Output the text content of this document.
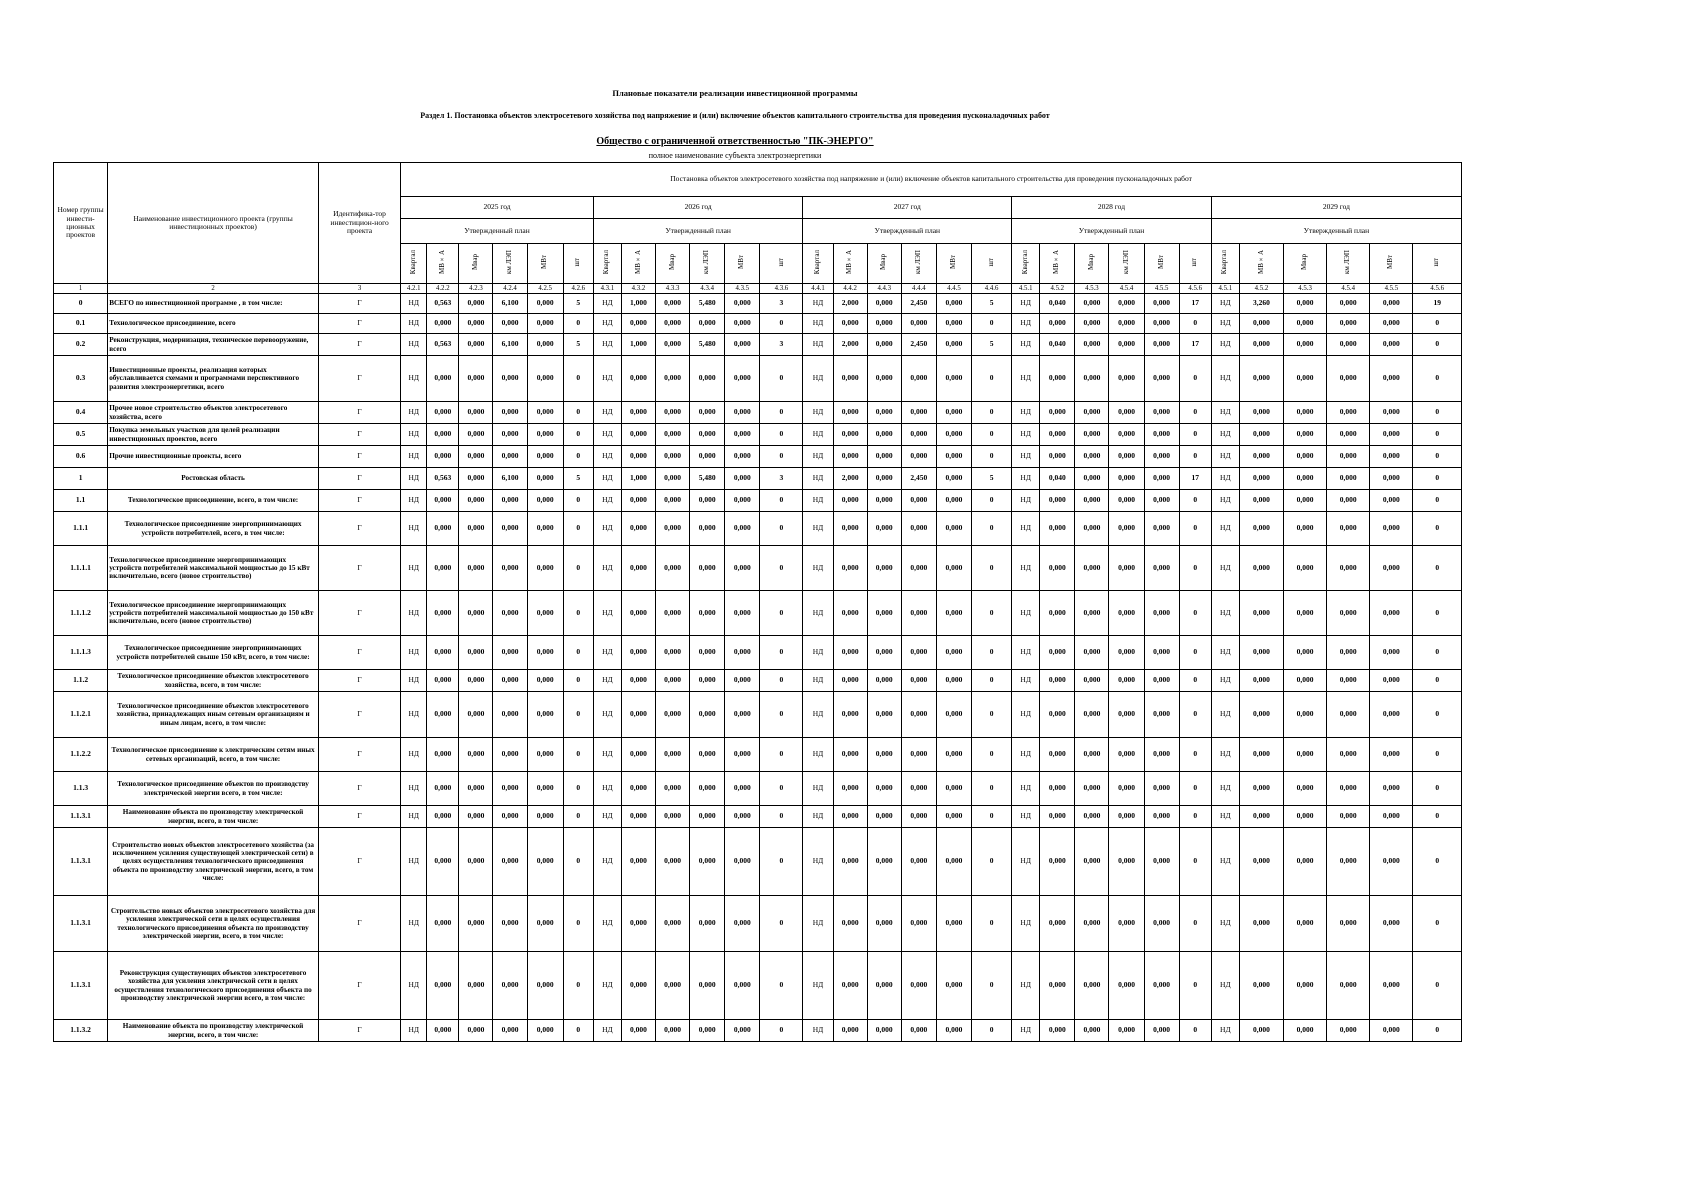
Плановые показатели реализации инвестиционной программы
Раздел 1. Постановка объектов электросетевого хозяйства под напряжение и (или) включение объектов капитального строительства для проведения пусконаладочных работ
Общество с ограниченной ответственностью "ПК-ЭНЕРГО"
полное наименование субъекта электроэнергетики
Номер группы инвести-ционных проектов	Наименование инвестиционного проекта (группы инвестиционных проектов)	Идентифика-тор инвестицион-ного проекта	Постановка объектов электросетевого хозяйства под напряжение и (или) включение объектов капитального строительства для проведения пусконаладочных работ																													
			2025 год						2026 год						2027 год						2028 год						2029 год					
			Утвержденный план						Утвержденный план						Утвержденный план						Утвержденный план						Утвержденный план					
			Квартал	МВ×А	Мвар	км ЛЭП	МВт	шт	Квартал	МВ×А	Мвар	км ЛЭП	МВт	шт	Квартал	МВ×А	Мвар	км ЛЭП	МВт	шт	Квартал	МВ×А	Мвар	км ЛЭП	МВт	шт	Квартал	МВ×А	Мвар	км ЛЭП	МВт	шт
1	2	3	4.2.1	4.2.2	4.2.3	4.2.4	4.2.5	4.2.6	4.3.1	4.3.2	4.3.3	4.3.4	4.3.5	4.3.6	4.4.1	4.4.2	4.4.3	4.4.4	4.4.5	4.4.6	4.5.1	4.5.2	4.5.3	4.5.4	4.5.5	4.5.6	4.5.1	4.5.2	4.5.3	4.5.4	4.5.5	4.5.6
0	ВСЕГО по инвестиционной программе , в том числе:	Г	НД	0,563	0,000	6,100	0,000	5	НД	1,000	0,000	5,480	0,000	3	НД	2,000	0,000	2,450	0,000	5	НД	0,040	0,000	0,000	0,000	17	НД	3,260	0,000	0,000	0,000	19
0.1	Технологическое присоединение, всего	Г	НД	0,000	0,000	0,000	0,000	0	НД	0,000	0,000	0,000	0,000	0	НД	0,000	0,000	0,000	0,000	0	НД	0,000	0,000	0,000	0,000	0	НД	0,000	0,000	0,000	0,000	0
0.2	Реконструкция, модернизация, техническое перевооружение, всего	Г	НД	0,563	0,000	6,100	0,000	5	НД	1,000	0,000	5,480	0,000	3	НД	2,000	0,000	2,450	0,000	5	НД	0,040	0,000	0,000	0,000	17	НД	0,000	0,000	0,000	0,000	0
0.3	Инвестиционные проекты, реализация которых обуславливается схемами и программами перспективного развития электроэнергетики, всего	Г	НД	0,000	0,000	0,000	0,000	0	НД	0,000	0,000	0,000	0,000	0	НД	0,000	0,000	0,000	0,000	0	НД	0,000	0,000	0,000	0,000	0	НД	0,000	0,000	0,000	0,000	0
0.4	Прочее новое строительство объектов электросетевого хозяйства, всего	Г	НД	0,000	0,000	0,000	0,000	0	НД	0,000	0,000	0,000	0,000	0	НД	0,000	0,000	0,000	0,000	0	НД	0,000	0,000	0,000	0,000	0	НД	0,000	0,000	0,000	0,000	0
0.5	Покупка земельных участков для целей реализации инвестиционных проектов, всего	Г	НД	0,000	0,000	0,000	0,000	0	НД	0,000	0,000	0,000	0,000	0	НД	0,000	0,000	0,000	0,000	0	НД	0,000	0,000	0,000	0,000	0	НД	0,000	0,000	0,000	0,000	0
0.6	Прочие инвестиционные проекты, всего	Г	НД	0,000	0,000	0,000	0,000	0	НД	0,000	0,000	0,000	0,000	0	НД	0,000	0,000	0,000	0,000	0	НД	0,000	0,000	0,000	0,000	0	НД	0,000	0,000	0,000	0,000	0
1	Ростовская область	Г	НД	0,563	0,000	6,100	0,000	5	НД	1,000	0,000	5,480	0,000	3	НД	2,000	0,000	2,450	0,000	5	НД	0,040	0,000	0,000	0,000	17	НД	0,000	0,000	0,000	0,000	0
1.1	Технологическое присоединение, всего, в том числе:	Г	НД	0,000	0,000	0,000	0,000	0	НД	0,000	0,000	0,000	0,000	0	НД	0,000	0,000	0,000	0,000	0	НД	0,000	0,000	0,000	0,000	0	НД	0,000	0,000	0,000	0,000	0
1.1.1	Технологическое присоединение энергопринимающих устройств потребителей, всего, в том числе:	Г	НД	0,000	0,000	0,000	0,000	0	НД	0,000	0,000	0,000	0,000	0	НД	0,000	0,000	0,000	0,000	0	НД	0,000	0,000	0,000	0,000	0	НД	0,000	0,000	0,000	0,000	0
1.1.1.1	Технологическое присоединение энергопринимающих устройств потребителей максимальной мощностью до 15 кВт включительно, всего (новое строительство)	Г	НД	0,000	0,000	0,000	0,000	0	НД	0,000	0,000	0,000	0,000	0	НД	0,000	0,000	0,000	0,000	0	НД	0,000	0,000	0,000	0,000	0	НД	0,000	0,000	0,000	0,000	0
1.1.1.2	Технологическое присоединение энергопринимающих устройств потребителей максимальной мощностью до 150 кВт включительно, всего (новое строительство)	Г	НД	0,000	0,000	0,000	0,000	0	НД	0,000	0,000	0,000	0,000	0	НД	0,000	0,000	0,000	0,000	0	НД	0,000	0,000	0,000	0,000	0	НД	0,000	0,000	0,000	0,000	0
1.1.1.3	Технологическое присоединение энергопринимающих устройств потребителей свыше 150 кВт, всего, в том числе:	Г	НД	0,000	0,000	0,000	0,000	0	НД	0,000	0,000	0,000	0,000	0	НД	0,000	0,000	0,000	0,000	0	НД	0,000	0,000	0,000	0,000	0	НД	0,000	0,000	0,000	0,000	0
1.1.2	Технологическое присоединение объектов электросетевого хозяйства, всего, в том числе:	Г	НД	0,000	0,000	0,000	0,000	0	НД	0,000	0,000	0,000	0,000	0	НД	0,000	0,000	0,000	0,000	0	НД	0,000	0,000	0,000	0,000	0	НД	0,000	0,000	0,000	0,000	0
1.1.2.1	Технологическое присоединение объектов электросетевого хозяйства, принадлежащих иным сетевым организациям и иным лицам, всего, в том числе:	Г	НД	0,000	0,000	0,000	0,000	0	НД	0,000	0,000	0,000	0,000	0	НД	0,000	0,000	0,000	0,000	0	НД	0,000	0,000	0,000	0,000	0	НД	0,000	0,000	0,000	0,000	0
1.1.2.2	Технологическое присоединение к электрическим сетям иных сетевых организаций, всего, в том числе:	Г	НД	0,000	0,000	0,000	0,000	0	НД	0,000	0,000	0,000	0,000	0	НД	0,000	0,000	0,000	0,000	0	НД	0,000	0,000	0,000	0,000	0	НД	0,000	0,000	0,000	0,000	0
1.1.3	Технологическое присоединение объектов по производству электрической энергии всего, в том числе:	Г	НД	0,000	0,000	0,000	0,000	0	НД	0,000	0,000	0,000	0,000	0	НД	0,000	0,000	0,000	0,000	0	НД	0,000	0,000	0,000	0,000	0	НД	0,000	0,000	0,000	0,000	0
1.1.3.1	Наименование объекта по производству электрической энергии, всего, в том числе:	Г	НД	0,000	0,000	0,000	0,000	0	НД	0,000	0,000	0,000	0,000	0	НД	0,000	0,000	0,000	0,000	0	НД	0,000	0,000	0,000	0,000	0	НД	0,000	0,000	0,000	0,000	0
1.1.3.1	Строительство новых объектов электросетевого хозяйства (за исключением усиления существующей электрической сети) в целях осуществления технологического присоединения объекта по производству электрической энергии, всего, в том числе:	Г	НД	0,000	0,000	0,000	0,000	0	НД	0,000	0,000	0,000	0,000	0	НД	0,000	0,000	0,000	0,000	0	НД	0,000	0,000	0,000	0,000	0	НД	0,000	0,000	0,000	0,000	0
1.1.3.1	Строительство новых объектов электросетевого хозяйства для усиления электрической сети в целях осуществления технологического присоединения объекта по производству электрической энергии, всего, в том числе:	Г	НД	0,000	0,000	0,000	0,000	0	НД	0,000	0,000	0,000	0,000	0	НД	0,000	0,000	0,000	0,000	0	НД	0,000	0,000	0,000	0,000	0	НД	0,000	0,000	0,000	0,000	0
1.1.3.1	Реконструкция существующих объектов электросетевого хозяйства для усиления электрической сети в целях осуществления технологического присоединения объекта по производству электрической энергии всего, в том числе:	Г	НД	0,000	0,000	0,000	0,000	0	НД	0,000	0,000	0,000	0,000	0	НД	0,000	0,000	0,000	0,000	0	НД	0,000	0,000	0,000	0,000	0	НД	0,000	0,000	0,000	0,000	0
1.1.3.2	Наименование объекта по производству электрической энергии, всего, в том числе:	Г	НД	0,000	0,000	0,000	0,000	0	НД	0,000	0,000	0,000	0,000	0	НД	0,000	0,000	0,000	0,000	0	НД	0,000	0,000	0,000	0,000	0	НД	0,000	0,000	0,000	0,000	0
